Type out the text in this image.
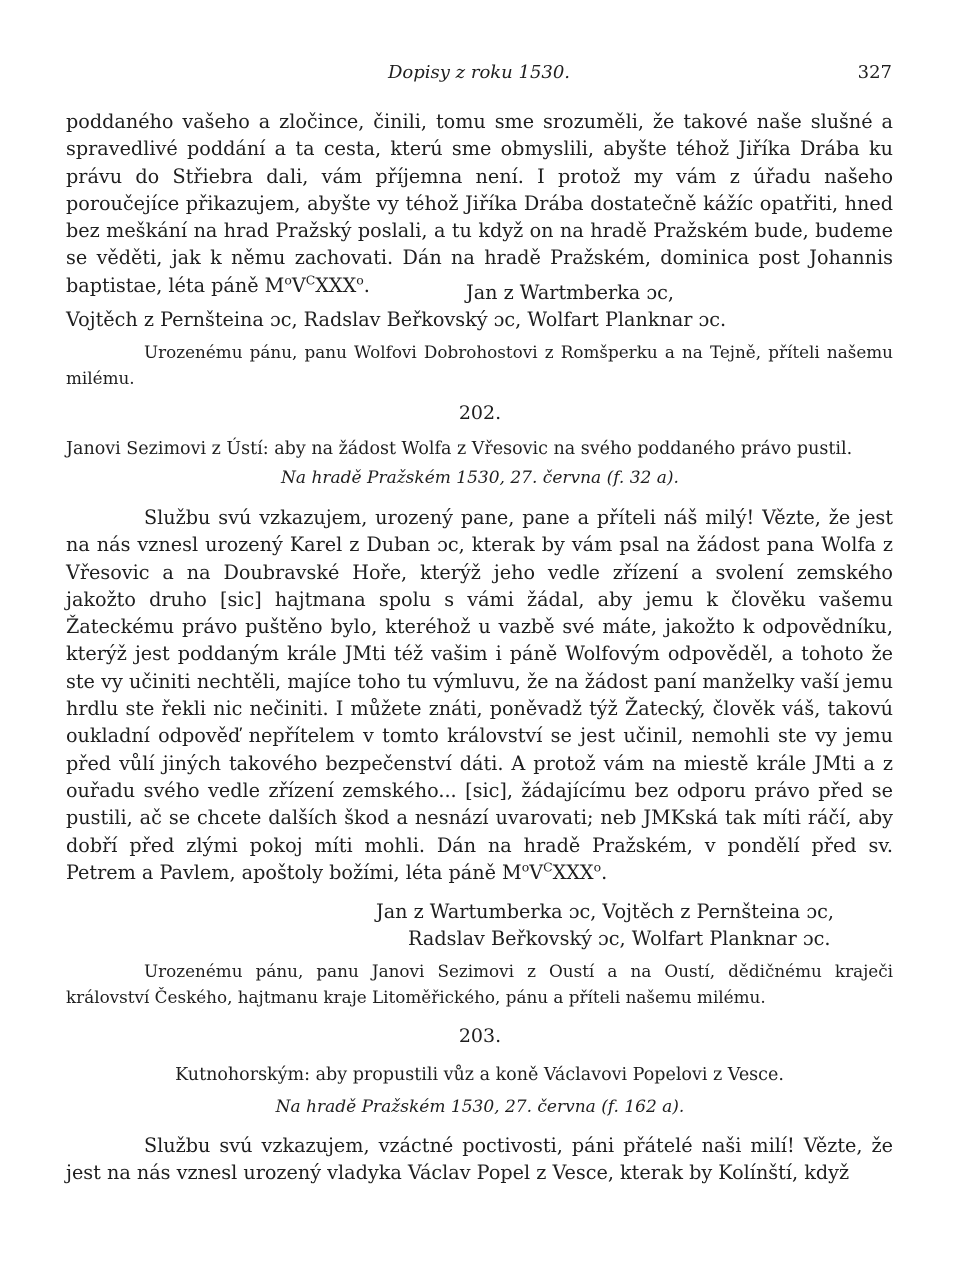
Dopisy z roku 1530.	327

poddaného vašeho a zločince, činili, tomu sme srozuměli, že takové naše slušné a spravedlivé poddání a ta cesta, kterú sme obmyslili, abyšte téhož Jiříka Drába ku právu do Střiebra dali, vám příjemna není. I protož my vám z úřadu našeho poroučejíce přikazujem, abyšte vy téhož Jiříka Drába dostatečně kážíc opatřiti, hned bez meškání na hrad Pražský poslali, a tu když on na hradě Pražském bude, budeme se věděti, jak k němu zachovati. Dán na hradě Pražském, dominica post Johannis baptistae, léta páně $M^oV^CXXX^o$.	Jan z Wartmberka ɔc,

Vojtěch z Pernšteina ɔc, Radslav Beřkovský ɔc, Wolfart Planknar ɔc.

Urozenému pánu, panu Wolfovi Dobrohostovi z Romšperku a na Tejně, příteli našemu milému.

202.
Janovi Sezimovi z Ústí: aby na žádost Wolfa z Vřesovic na svého poddaného právo pustil.
Na hradě Pražském 1530, 27. června (f. 32 a).

Službu svú vzkazujem, urozený pane, pane a příteli náš milý! Vězte, že jest na nás vznesl urozený Karel z Duban ɔc, kterak by vám psal na žádost pana Wolfa z Vřesovic a na Doubravské Hoře, kterýž jeho vedle zřízení a svolení zemského jakožto druho [sic] hajtmana spolu s vámi žádal, aby jemu k člověku vašemu Žateckému právo puštěno bylo, kteréhož u vazbě své máte, jakožto k odpovědníku, kterýž jest poddaným krále JMti též vašim i páně Wolfovým odpověděl, a tohoto že ste vy učiniti nechtěli, majíce toho tu výmluvu, že na žádost paní manželky vaší jemu hrdlu ste řekli nic nečiniti. I můžete znáti, poněvadž týž Žatecký, člověk váš, takovú oukladní odpověď nepřítelem v tomto království se jest učinil, nemohli ste vy jemu před vůlí jiných takového bezpečenství dáti. A protož vám na miestě krále JMti a z ouřadu svého vedle zřízení zemského... [sic], žádajícímu bez odporu právo před se pustili, ač se chcete dalších škod a nesnází uvarovati; neb JMKská tak míti ráčí, aby dobří před zlými pokoj míti mohli. Dán na hradě Pražském, v pondělí před sv. Petrem a Pavlem, apoštoly božími, léta páně $M^oV^CXXX^o$.

Jan z Wartumberka ɔc, Vojtěch z Pernšteina ɔc,

Radslav Beřkovský ɔc, Wolfart Planknar ɔc.

Urozenému pánu, panu Janovi Sezimovi z Oustí a na Oustí, dědičnému kraječi království Českého, hajtmanu kraje Litoměřického, pánu a příteli našemu milému.

203.
Kutnohorským: aby propustili vůz a koně Václavovi Popelovi z Vesce.
Na hradě Pražském 1530, 27. června (f. 162 a).

Službu svú vzkazujem, vzáctné poctivosti, páni přátelé naši milí! Vězte, že jest na nás vznesl urozený vladyka Václav Popel z Vesce, kterak by Kolínští, když
